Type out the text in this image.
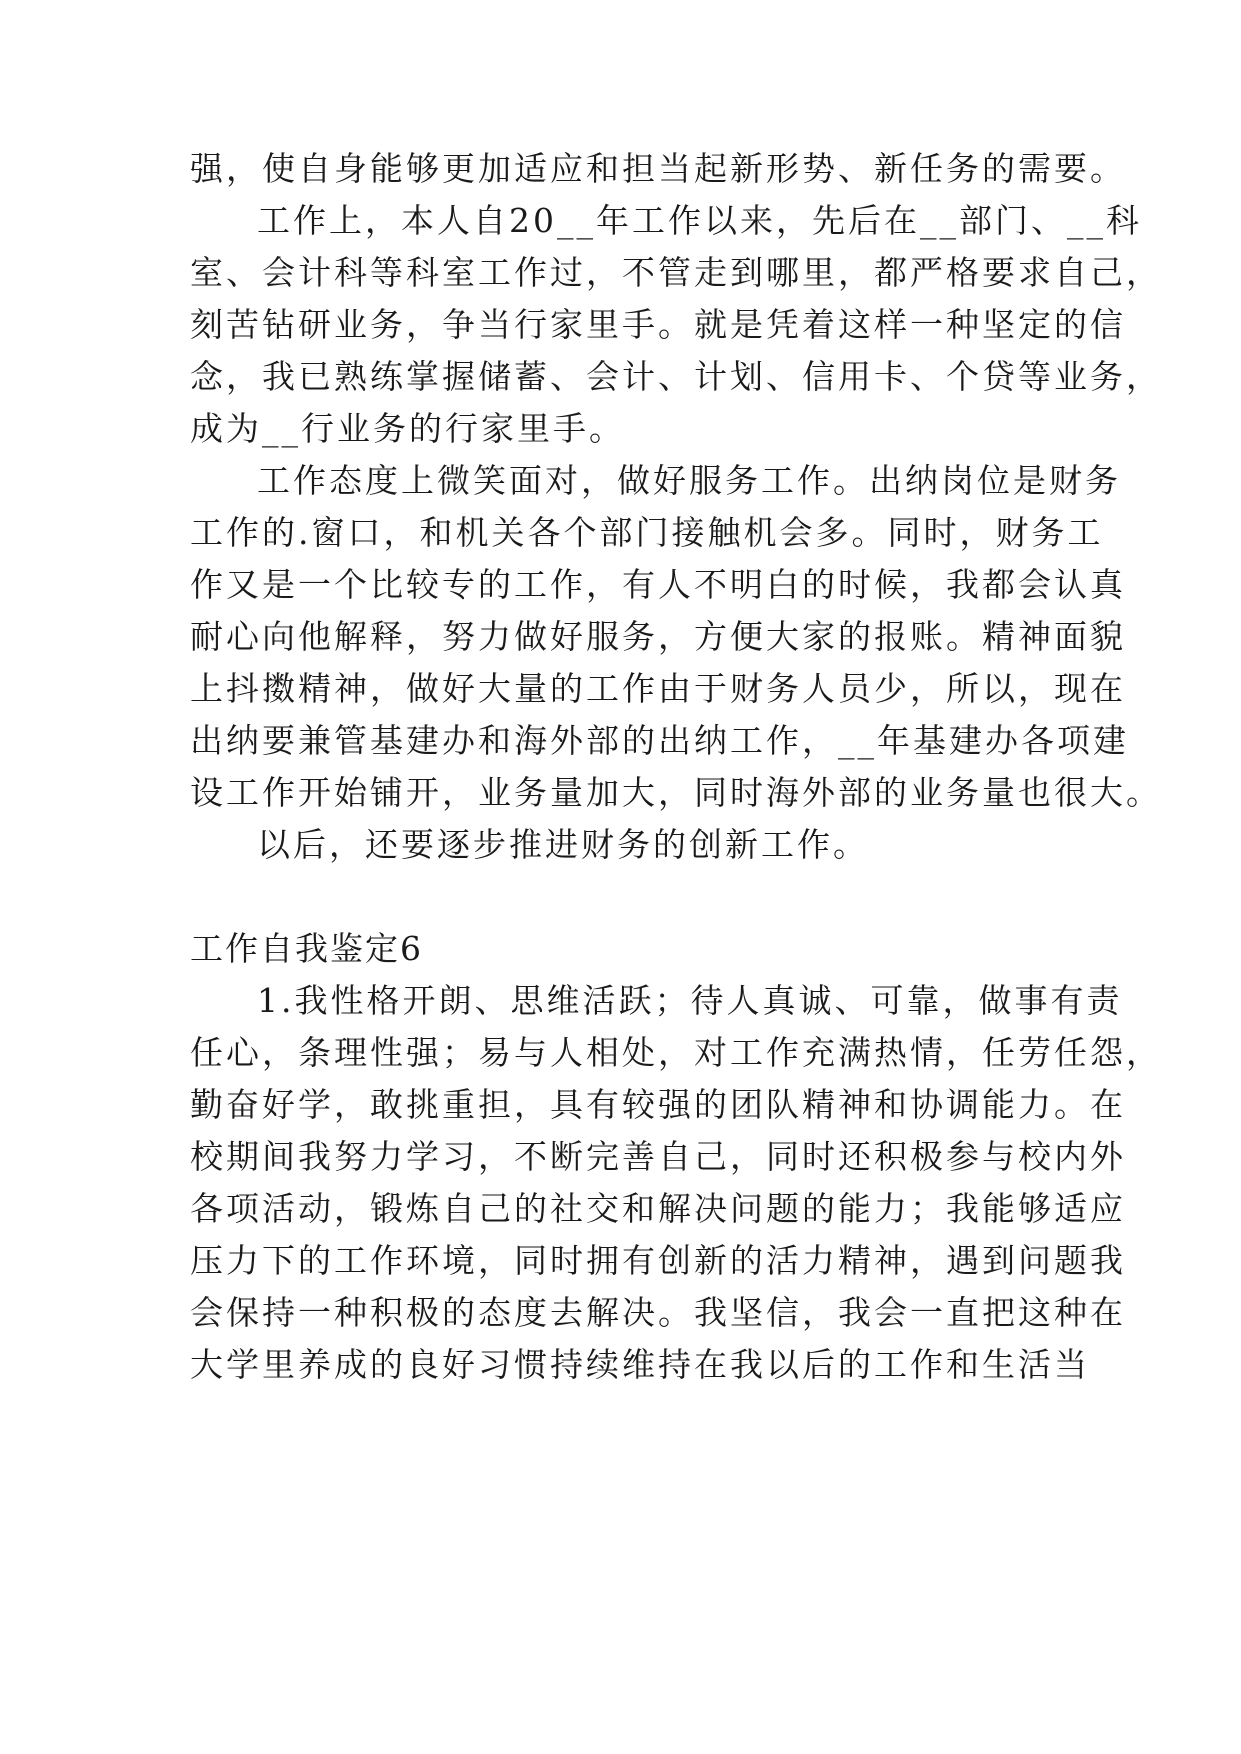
强，使自身能够更加适应和担当起新形势、新任务的需要。
工作上，本人自20__年工作以来，先后在__部门、__科
室、会计科等科室工作过，不管走到哪里，都严格要求自己，
刻苦钻研业务，争当行家里手。就是凭着这样一种坚定的信
念，我已熟练掌握储蓄、会计、计划、信用卡、个贷等业务，
成为__行业务的行家里手。
工作态度上微笑面对，做好服务工作。出纳岗位是财务
工作的.窗口，和机关各个部门接触机会多。同时，财务工
作又是一个比较专的工作，有人不明白的时候，我都会认真
耐心向他解释，努力做好服务，方便大家的报账。精神面貌
上抖擞精神，做好大量的工作由于财务人员少，所以，现在
出纳要兼管基建办和海外部的出纳工作，__年基建办各项建
设工作开始铺开，业务量加大，同时海外部的业务量也很大。
以后，还要逐步推进财务的创新工作。
工作自我鉴定6
1.我性格开朗、思维活跃；待人真诚、可靠，做事有责
任心，条理性强；易与人相处，对工作充满热情，任劳任怨，
勤奋好学，敢挑重担，具有较强的团队精神和协调能力。在
校期间我努力学习，不断完善自己，同时还积极参与校内外
各项活动，锻炼自己的社交和解决问题的能力；我能够适应
压力下的工作环境，同时拥有创新的活力精神，遇到问题我
会保持一种积极的态度去解决。我坚信，我会一直把这种在
大学里养成的良好习惯持续维持在我以后的工作和生活当
